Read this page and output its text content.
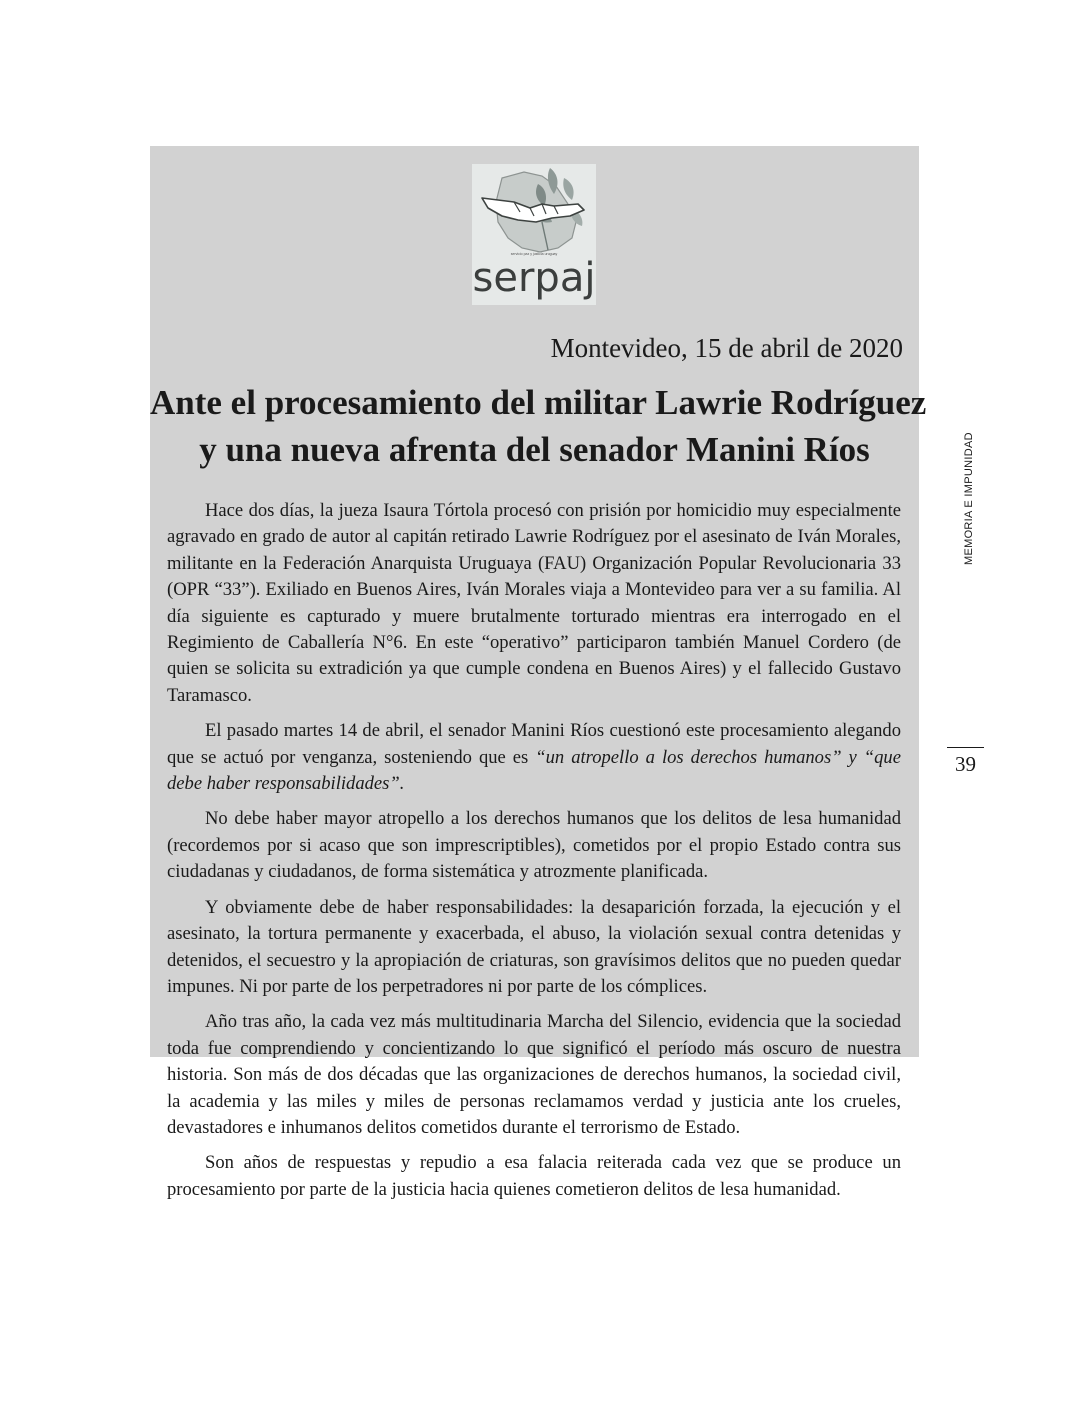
servicio paz y justicia uruguay
serpaj
Montevideo, 15 de abril de 2020
Ante el procesamiento del militar Lawrie Rodríguez
y una nueva afrenta del senador Manini Ríos

Hace dos días, la jueza Isaura Tórtola procesó con prisión por homicidio muy especialmente agravado en grado de autor al capitán retirado Lawrie Rodríguez por el asesinato de Iván Morales, militante en la Federación Anarquista Uruguaya (FAU) Organización Popular Revolucionaria 33 (OPR “33”). Exiliado en Buenos Aires, Iván Morales viaja a Montevideo para ver a su familia. Al día siguiente es capturado y muere brutalmente torturado mientras era interrogado en el Regimiento de Caballería N°6. En este “operativo” participaron también Manuel Cordero (de quien se solicita su extradición ya que cumple condena en Buenos Aires) y el fallecido Gustavo Taramasco.

El pasado martes 14 de abril, el senador Manini Ríos cuestionó este procesamiento alegando que se actuó por venganza, sosteniendo que es “un atropello a los derechos humanos” y “que debe haber responsabilidades”.

No debe haber mayor atropello a los derechos humanos que los delitos de lesa humanidad (recordemos por si acaso que son imprescriptibles), cometidos por el propio Estado contra sus ciudadanas y ciudadanos, de forma sistemática y atrozmente planificada.

Y obviamente debe de haber responsabilidades: la desaparición forzada, la ejecución y el asesinato, la tortura permanente y exacerbada, el abuso, la violación sexual contra detenidas y detenidos, el secuestro y la apropiación de criaturas, son gravísimos delitos que no pueden quedar impunes. Ni por parte de los perpetradores ni por parte de los cómplices.

Año tras año, la cada vez más multitudinaria Marcha del Silencio, evidencia que la sociedad toda fue comprendiendo y concientizando lo que significó el período más oscuro de nuestra historia. Son más de dos décadas que las organizaciones de derechos humanos, la sociedad civil, la academia y las miles y miles de personas reclamamos verdad y justicia ante los crueles, devastadores e inhumanos delitos cometidos durante el terrorismo de Estado.

Son años de respuestas y repudio a esa falacia reiterada cada vez que se produce un procesamiento por parte de la justicia hacia quienes cometieron delitos de lesa humanidad.

MEMORIA E IMPUNIDAD
39
